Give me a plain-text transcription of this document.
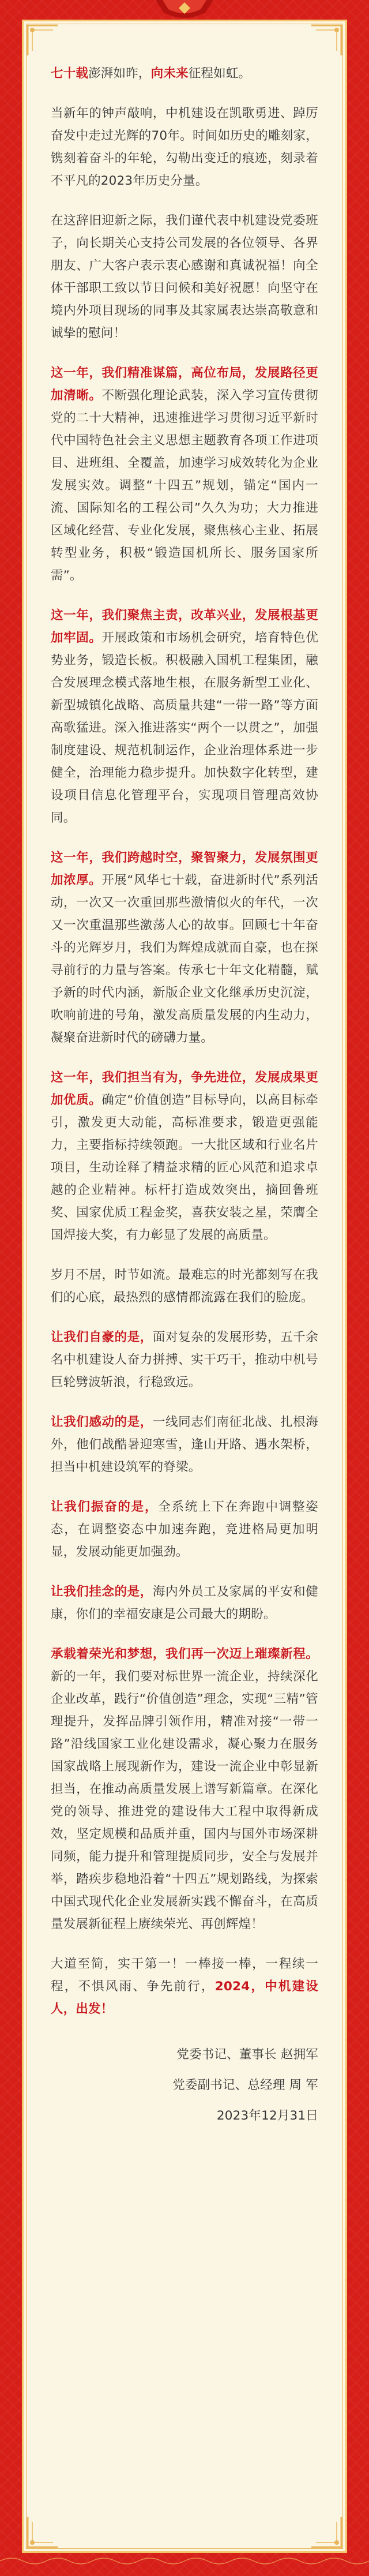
七十载澎湃如昨，向未来征程如虹。

当新年的钟声敲响，中机建设在凯歌勇进、踔厉奋发中走过光辉的70年。时间如历史的雕刻家，镌刻着奋斗的年轮，勾勒出变迁的痕迹，刻录着不平凡的2023年历史分量。

在这辞旧迎新之际，我们谨代表中机建设党委班子，向长期关心支持公司发展的各位领导、各界朋友、广大客户表示衷心感谢和真诚祝福！向全体干部职工致以节日问候和美好祝愿！向坚守在境内外项目现场的同事及其家属表达崇高敬意和诚挚的慰问！

这一年，我们精准谋篇，高位布局，发展路径更加清晰。不断强化理论武装，深入学习宣传贯彻党的二十大精神，迅速推进学习贯彻习近平新时代中国特色社会主义思想主题教育各项工作进项目、进班组、全覆盖，加速学习成效转化为企业发展实效。调整“十四五”规划，锚定“国内一流、国际知名的工程公司”久久为功；大力推进区域化经营、专业化发展，聚焦核心主业、拓展转型业务，积极“锻造国机所长、服务国家所需”。

这一年，我们聚焦主责，改革兴业，发展根基更加牢固。开展政策和市场机会研究，培育特色优势业务，锻造长板。积极融入国机工程集团，融合发展理念模式落地生根，在服务新型工业化、新型城镇化战略、高质量共建“一带一路”等方面高歌猛进。深入推进落实“两个一以贯之”，加强制度建设、规范机制运作，企业治理体系进一步健全，治理能力稳步提升。加快数字化转型，建设项目信息化管理平台，实现项目管理高效协同。

这一年，我们跨越时空，聚智聚力，发展氛围更加浓厚。开展“风华七十载，奋进新时代”系列活动，一次又一次重回那些激情似火的年代，一次又一次重温那些激荡人心的故事。回顾七十年奋斗的光辉岁月，我们为辉煌成就而自豪，也在探寻前行的力量与答案。传承七十年文化精髓，赋予新的时代内涵，新版企业文化继承历史沉淀，吹响前进的号角，激发高质量发展的内生动力，凝聚奋进新时代的磅礴力量。

这一年，我们担当有为，争先进位，发展成果更加优质。确定“价值创造”目标导向，以高目标牵引，激发更大动能，高标准要求，锻造更强能力，主要指标持续领跑。一大批区域和行业名片项目，生动诠释了精益求精的匠心风范和追求卓越的企业精神。标杆打造成效突出，摘回鲁班奖、国家优质工程金奖，喜获安装之星，荣膺全国焊接大奖，有力彰显了发展的高质量。

岁月不居，时节如流。最难忘的时光都刻写在我们的心底，最热烈的感情都流露在我们的脸庞。

让我们自豪的是，面对复杂的发展形势，五千余名中机建设人奋力拼搏、实干巧干，推动中机号巨轮劈波斩浪，行稳致远。

让我们感动的是，一线同志们南征北战、扎根海外，他们战酷暑迎寒雪，逢山开路、遇水架桥，担当中机建设筑军的脊梁。

让我们振奋的是，全系统上下在奔跑中调整姿态，在调整姿态中加速奔跑，竞进格局更加明显，发展动能更加强劲。

让我们挂念的是，海内外员工及家属的平安和健康，你们的幸福安康是公司最大的期盼。

承载着荣光和梦想，我们再一次迈上璀璨新程。新的一年，我们要对标世界一流企业，持续深化企业改革，践行“价值创造”理念，实现“三精”管理提升，发挥品牌引领作用，精准对接“一带一路”沿线国家工业化建设需求，凝心聚力在服务国家战略上展现新作为，建设一流企业中彰显新担当，在推动高质量发展上谱写新篇章。在深化党的领导、推进党的建设伟大工程中取得新成效，坚定规模和品质并重，国内与国外市场深耕同频，能力提升和管理提质同步，安全与发展并举，踏疾步稳地沿着“十四五”规划路线，为探索中国式现代化企业发展新实践不懈奋斗，在高质量发展新征程上赓续荣光、再创辉煌！

大道至简，实干第一！一棒接一棒，一程续一程，不惧风雨、争先前行，2024，中机建设人，出发！

党委书记、董事长 赵拥军
党委副书记、总经理 周 军
2023年12月31日
